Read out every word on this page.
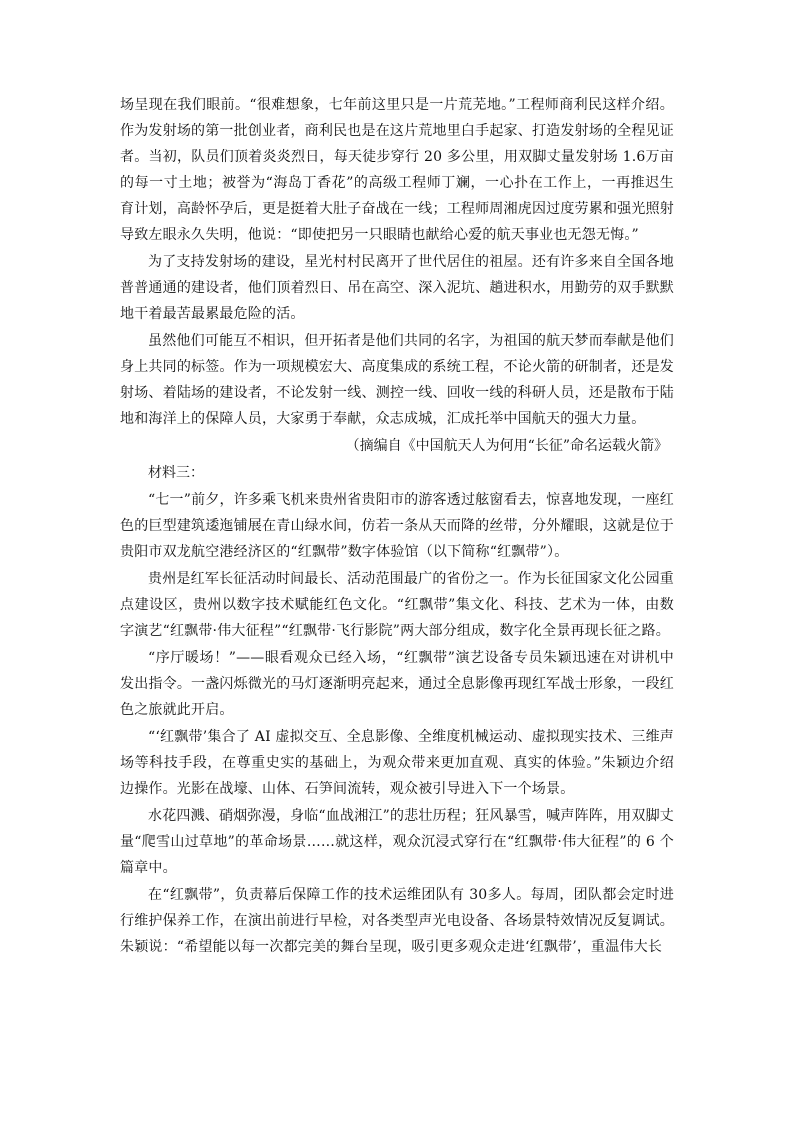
场呈现在我们眼前。“很难想象，七年前这里只是一片荒芜地。”工程师商利民这样介绍。作为发射场的第一批创业者，商利民也是在这片荒地里白手起家、打造发射场的全程见证者。当初，队员们顶着炎炎烈日，每天徒步穿行 20 多公里，用双脚丈量发射场 1.6万亩的每一寸土地；被誉为“海岛丁香花”的高级工程师丁斓，一心扑在工作上，一再推迟生育计划，高龄怀孕后，更是挺着大肚子奋战在一线；工程师周湘虎因过度劳累和强光照射导致左眼永久失明，他说：“即使把另一只眼睛也献给心爱的航天事业也无怨无悔。”

为了支持发射场的建设，星光村村民离开了世代居住的祖屋。还有许多来自全国各地普普通通的建设者，他们顶着烈日、吊在高空、深入泥坑、趟进积水，用勤劳的双手默默地干着最苦最累最危险的活。

虽然他们可能互不相识，但开拓者是他们共同的名字，为祖国的航天梦而奉献是他们身上共同的标签。作为一项规模宏大、高度集成的系统工程，不论火箭的研制者，还是发射场、着陆场的建设者，不论发射一线、测控一线、回收一线的科研人员，还是散布于陆地和海洋上的保障人员，大家勇于奉献，众志成城，汇成托举中国航天的强大力量。

（摘编自《中国航天人为何用“长征”命名运载火箭》

材料三：

“七一”前夕，许多乘飞机来贵州省贵阳市的游客透过舷窗看去，惊喜地发现，一座红色的巨型建筑逶迤铺展在青山绿水间，仿若一条从天而降的丝带，分外耀眼，这就是位于贵阳市双龙航空港经济区的“红飘带”数字体验馆（以下简称“红飘带”）。

贵州是红军长征活动时间最长、活动范围最广的省份之一。作为长征国家文化公园重点建设区，贵州以数字技术赋能红色文化。“红飘带”集文化、科技、艺术为一体，由数字演艺“红飘带·伟大征程”“红飘带·飞行影院”两大部分组成，数字化全景再现长征之路。

“序厅暖场！”——眼看观众已经入场，“红飘带”演艺设备专员朱颖迅速在对讲机中发出指令。一盏闪烁微光的马灯逐渐明亮起来，通过全息影像再现红军战士形象，一段红色之旅就此开启。

“‘红飘带’集合了 AI 虚拟交互、全息影像、全维度机械运动、虚拟现实技术、三维声场等科技手段，在尊重史实的基础上，为观众带来更加直观、真实的体验。”朱颖边介绍边操作。光影在战壕、山体、石笋间流转，观众被引导进入下一个场景。

水花四溅、硝烟弥漫，身临“血战湘江”的悲壮历程；狂风暴雪，喊声阵阵，用双脚丈量“爬雪山过草地”的革命场景……就这样，观众沉浸式穿行在“红飘带·伟大征程”的 6 个篇章中。

在“红飘带”，负责幕后保障工作的技术运维团队有 30多人。每周，团队都会定时进行维护保养工作，在演出前进行早检，对各类型声光电设备、各场景特效情况反复调试。朱颖说：“希望能以每一次都完美的舞台呈现，吸引更多观众走进‘红飘带’，重温伟大长
